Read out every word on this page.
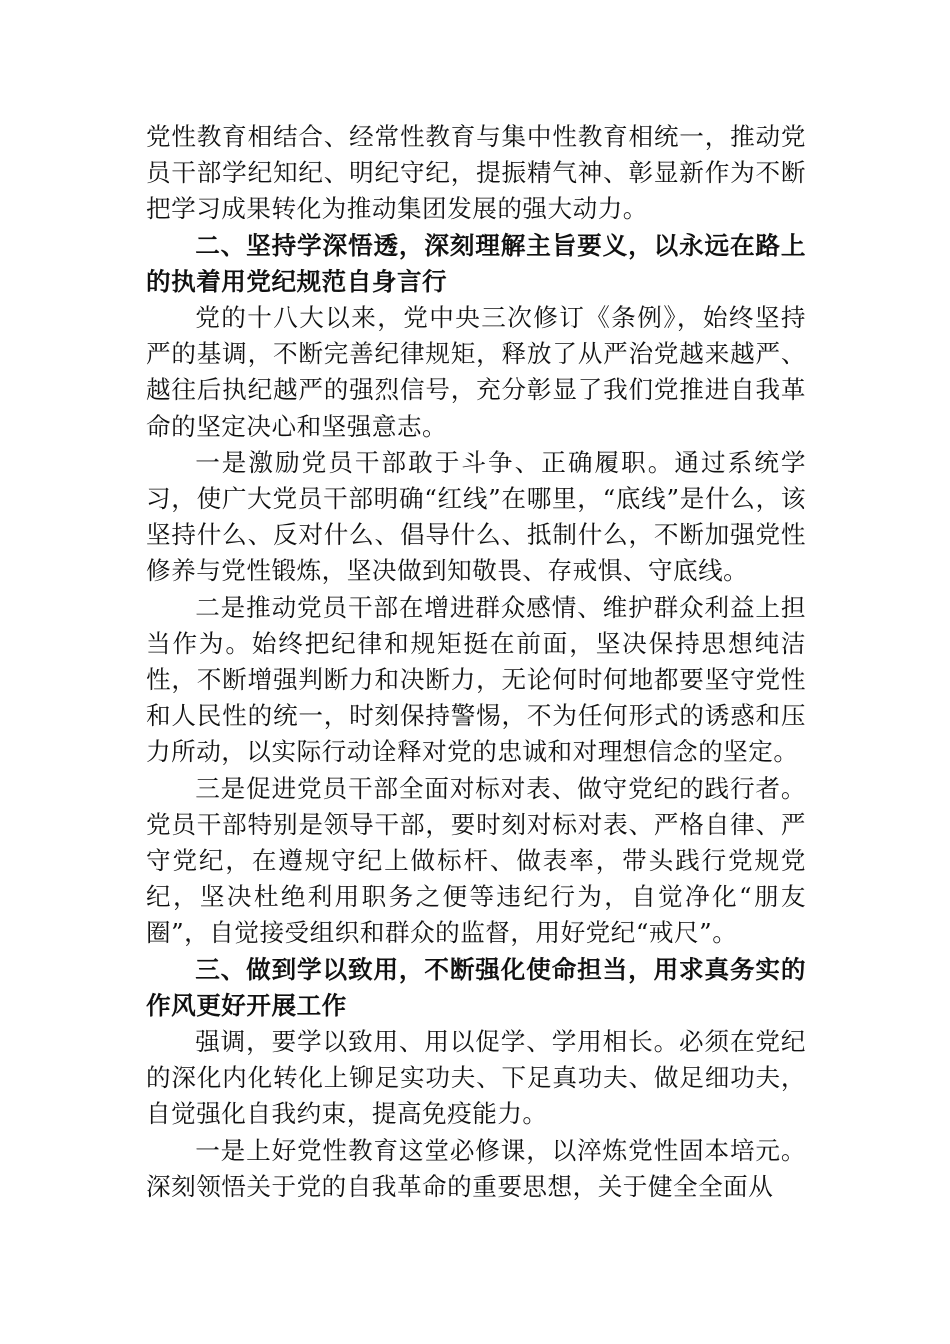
党性教育相结合、经常性教育与集中性教育相统一，推动党员干部学纪知纪、明纪守纪，提振精气神、彰显新作为不断把学习成果转化为推动集团发展的强大动力。

二、坚持学深悟透，深刻理解主旨要义，以永远在路上的执着用党纪规范自身言行

党的十八大以来，党中央三次修订《条例》，始终坚持严的基调，不断完善纪律规矩，释放了从严治党越来越严、越往后执纪越严的强烈信号，充分彰显了我们党推进自我革命的坚定决心和坚强意志。

一是激励党员干部敢于斗争、正确履职。通过系统学习，使广大党员干部明确“红线”在哪里，“底线”是什么，该坚持什么、反对什么、倡导什么、抵制什么，不断加强党性修养与党性锻炼，坚决做到知敬畏、存戒惧、守底线。

二是推动党员干部在增进群众感情、维护群众利益上担当作为。始终把纪律和规矩挺在前面，坚决保持思想纯洁性，不断增强判断力和决断力，无论何时何地都要坚守党性和人民性的统一，时刻保持警惕，不为任何形式的诱惑和压力所动，以实际行动诠释对党的忠诚和对理想信念的坚定。

三是促进党员干部全面对标对表、做守党纪的践行者。党员干部特别是领导干部，要时刻对标对表、严格自律、严守党纪，在遵规守纪上做标杆、做表率，带头践行党规党纪，坚决杜绝利用职务之便等违纪行为，自觉净化“朋友圈”，自觉接受组织和群众的监督，用好党纪“戒尺”。

三、做到学以致用，不断强化使命担当，用求真务实的作风更好开展工作

强调，要学以致用、用以促学、学用相长。必须在党纪的深化内化转化上铆足实功夫、下足真功夫、做足细功夫，自觉强化自我约束，提高免疫能力。

一是上好党性教育这堂必修课，以淬炼党性固本培元。深刻领悟关于党的自我革命的重要思想，关于健全全面从
